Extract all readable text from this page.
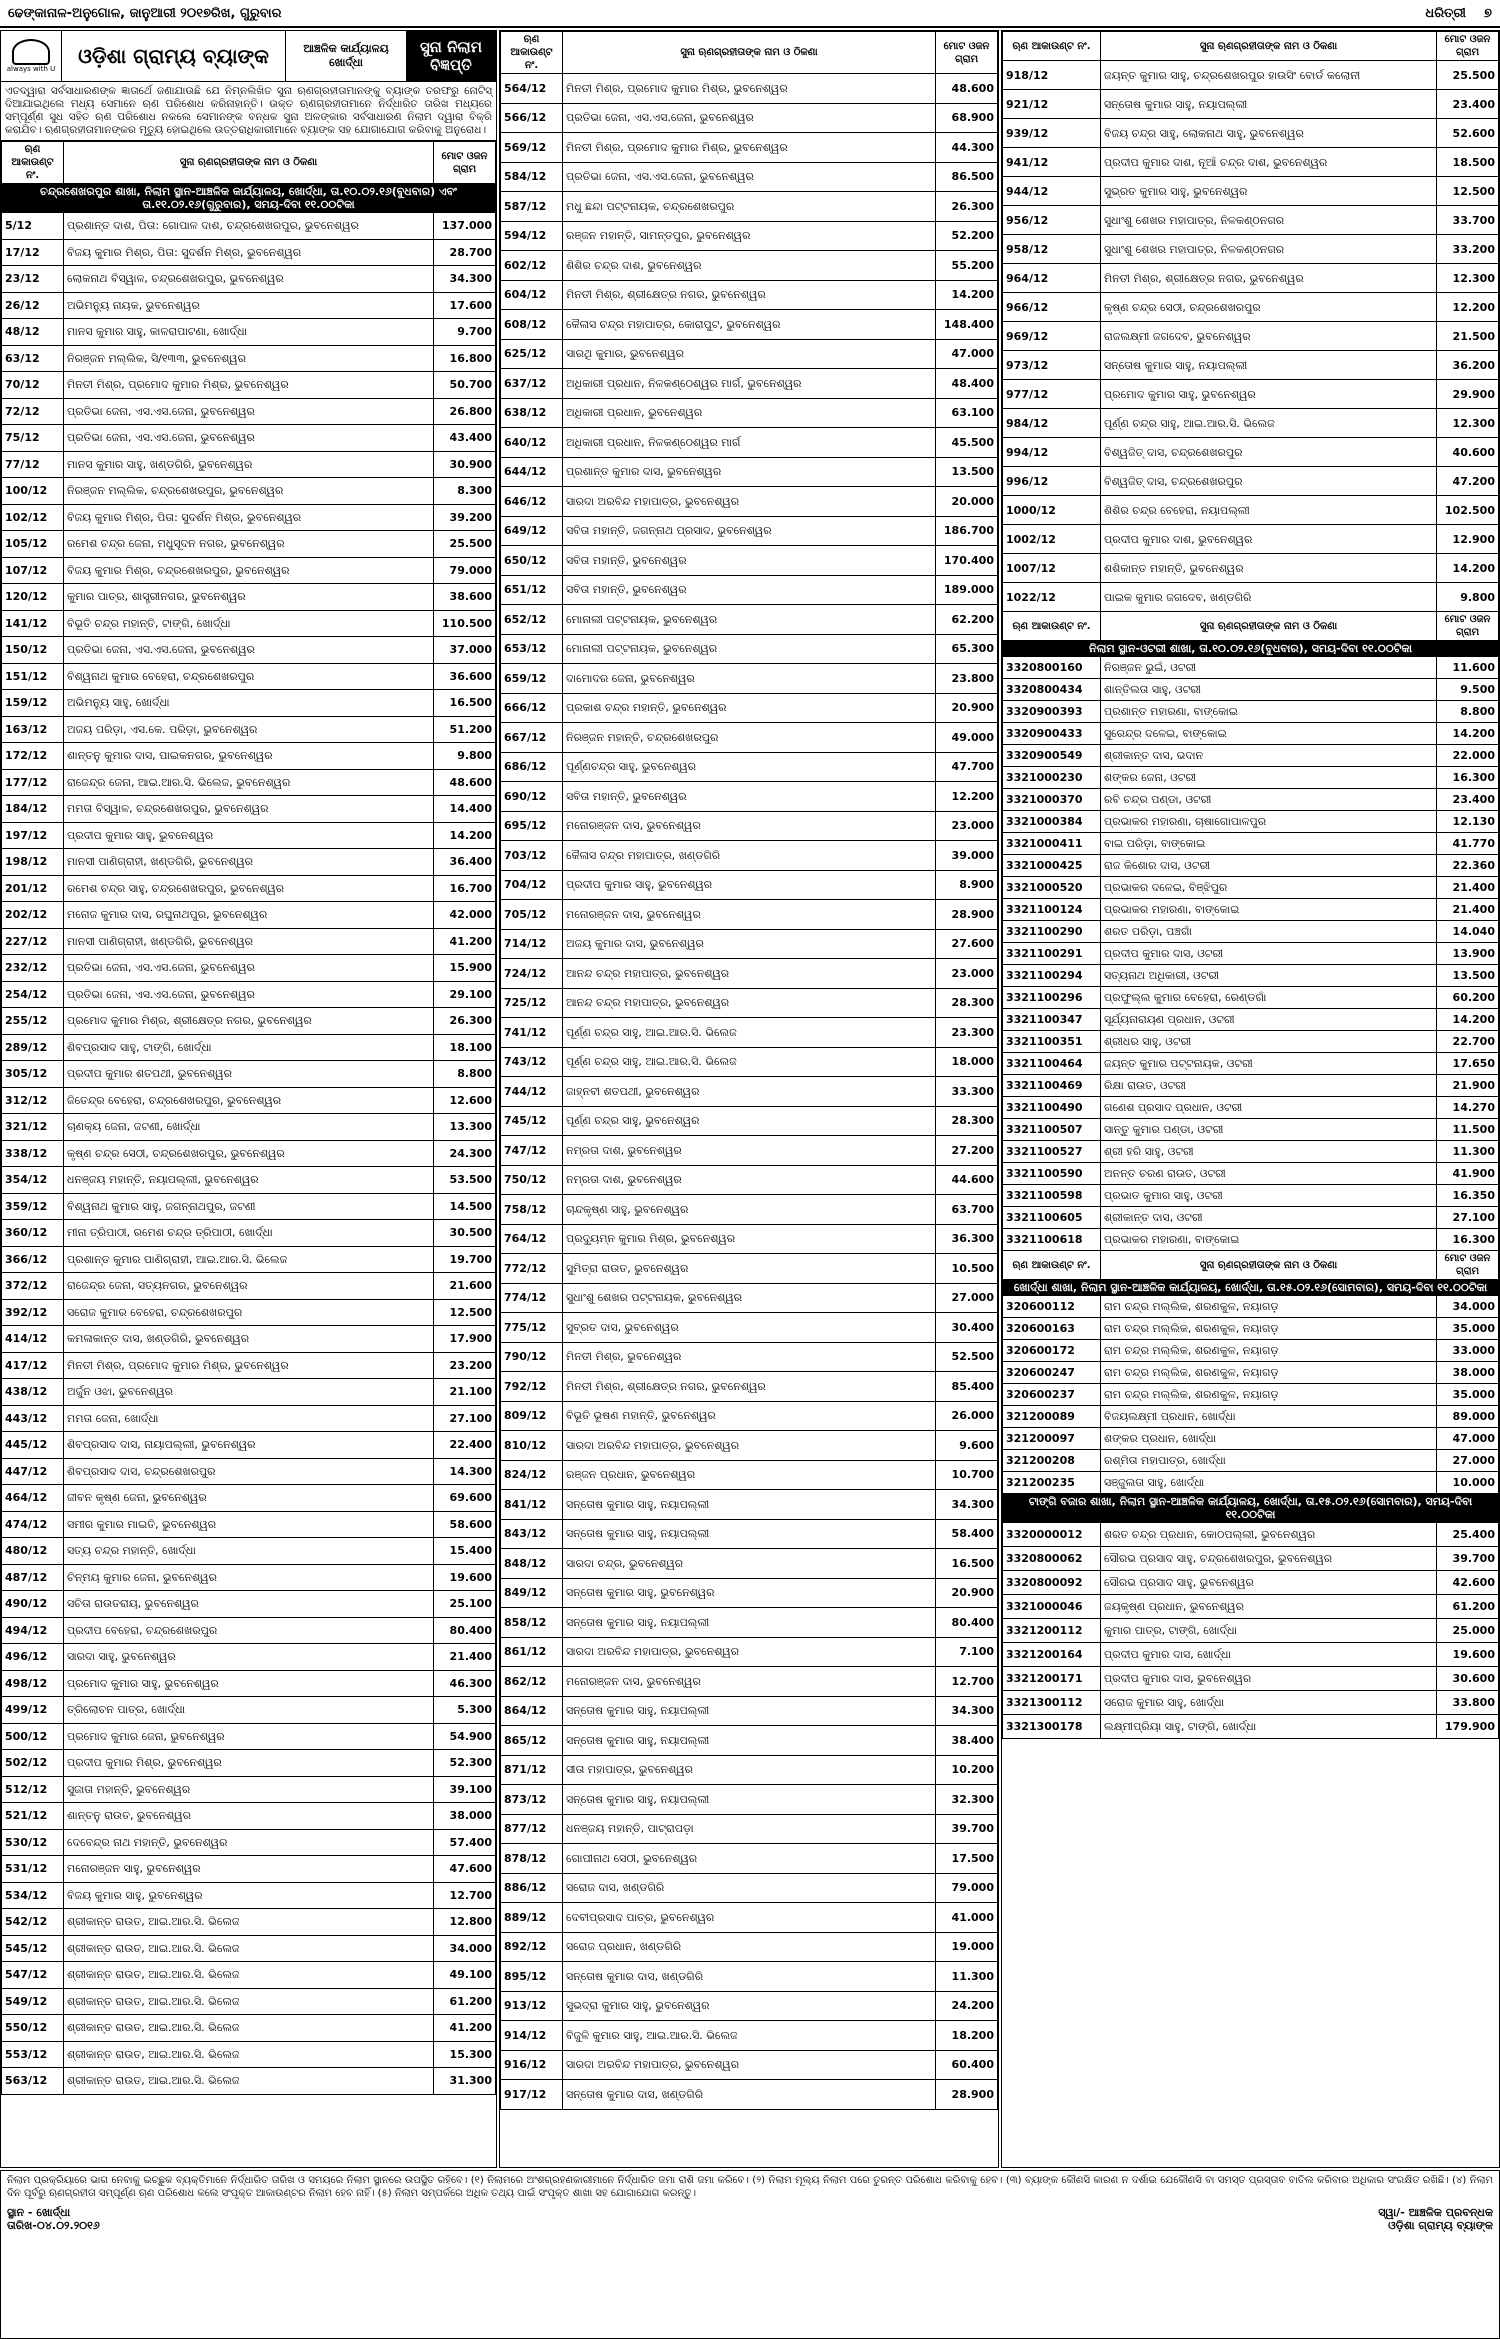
ଢେଙ୍କାନାଳ-ଅନୁଗୋଳ, ଜାନୁଆରୀ ୨୦୧୭ରିଖ, ଗୁରୁବାର	ଧରିତ୍ରୀ ୭
always with U
ଓଡ଼ିଶା ଗ୍ରାମ୍ୟ ବ୍ୟାଙ୍କ	ଆଞ୍ଚଳିକ କାର୍ଯ୍ୟାଳୟ
ଖୋର୍ଦ୍ଧା
ସୁନା ନିଲାମ
ବିଜ୍ଞପ୍ତି
ଏତଦ୍ୱାରା ସର୍ବସାଧାରଣଙ୍କ ଜ୍ଞାତାର୍ଥେ ଜଣାଯାଉଛି ଯେ ନିମ୍ନଲିଖିତ ସୁନା ଋଣଗ୍ରହୀତାମାନଙ୍କୁ ବ୍ୟାଙ୍କ ତରଫରୁ ନୋଟିସ୍ ଦିଆଯାଇଥିଲେ ମଧ୍ୟ ସେମାନେ ଋଣ ପରିଶୋଧ କରିନାହାନ୍ତି। ଉକ୍ତ ଋଣଗ୍ରହୀତାମାନେ ନିର୍ଦ୍ଧାରିତ ତାରିଖ ମଧ୍ୟରେ ସମ୍ପୂର୍ଣ୍ଣ ସୁଧ ସହିତ ଋଣ ପରିଶୋଧ ନକଲେ ସେମାନଙ୍କ ବନ୍ଧକ ସୁନା ଅଳଙ୍କାର ସର୍ବସାଧାରଣ ନିଲାମ ଦ୍ୱାରା ବିକ୍ରି କରାଯିବ। ଋଣଗ୍ରହୀତାମାନଙ୍କର ମୃତ୍ୟୁ ହୋଇଥିଲେ ଉତ୍ତରାଧିକାରୀମାନେ ବ୍ୟାଙ୍କ ସହ ଯୋଗାଯୋଗ କରିବାକୁ ଅନୁରୋଧ।
ଋଣ ଆକାଉଣ୍ଟ ନଂ.	ସୁନା ଋଣଗ୍ରହୀତାଙ୍କ ନାମ ଓ ଠିକଣା	ମୋଟ ଓଜନ ଗ୍ରାମ
ଚନ୍ଦ୍ରଶେଖରପୁର ଶାଖା, ନିଲାମ ସ୍ଥାନ-ଆଞ୍ଚଳିକ କାର୍ଯ୍ୟାଳୟ, ଖୋର୍ଦ୍ଧା, ତା.୧୦.୦୨.୧୬(ବୁଧବାର) ଏବଂ ତା.୧୧.୦୨.୧୬(ଗୁରୁବାର), ସମୟ-ଦିବା ୧୧.୦୦ଟିକା		
5/12	ପ୍ରଶାନ୍ତ ଦାଶ, ପିତା: ଗୋପାଳ ଦାଶ, ଚନ୍ଦ୍ରଶେଖରପୁର, ଭୁବନେଶ୍ୱର	137.000
17/12	ବିଜୟ କୁମାର ମିଶ୍ର, ପିତା: ସୁଦର୍ଶନ ମିଶ୍ର, ଭୁବନେଶ୍ୱର	28.700
23/12	ଲୋକନାଥ ବିସ୍ୱାଳ, ଚନ୍ଦ୍ରଶେଖରପୁର, ଭୁବନେଶ୍ୱର	34.300
26/12	ଅଭିମନ୍ୟୁ ନାୟକ, ଭୁବନେଶ୍ୱର	17.600
48/12	ମାନସ କୁମାର ସାହୁ, କାଳରାପାଟଣା, ଖୋର୍ଦ୍ଧା	9.700
63/12	ନିରଞ୍ଜନ ମଲ୍ଲିକ, ସି/୧୩୩, ଭୁବନେଶ୍ୱର	16.800
70/12	ମିନତୀ ମିଶ୍ର, ପ୍ରମୋଦ କୁମାର ମିଶ୍ର, ଭୁବନେଶ୍ୱର	50.700
72/12	ପ୍ରତିଭା ଜେନା, ଏସ.ଏସ.ଜେନା, ଭୁବନେଶ୍ୱର	26.800
75/12	ପ୍ରତିଭା ଜେନା, ଏସ.ଏସ.ଜେନା, ଭୁବନେଶ୍ୱର	43.400
77/12	ମାନସ କୁମାର ସାହୁ, ଖଣ୍ଡଗିରି, ଭୁବନେଶ୍ୱର	30.900
100/12	ନିରଞ୍ଜନ ମଲ୍ଲିକ, ଚନ୍ଦ୍ରଶେଖରପୁର, ଭୁବନେଶ୍ୱର	8.300
102/12	ବିଜୟ କୁମାର ମିଶ୍ର, ପିତା: ସୁଦର୍ଶନ ମିଶ୍ର, ଭୁବନେଶ୍ୱର	39.200
105/12	ରମେଶ ଚନ୍ଦ୍ର ଜେନା, ମଧୁସୂଦନ ନଗର, ଭୁବନେଶ୍ୱର	25.500
107/12	ବିଜୟ କୁମାର ମିଶ୍ର, ଚନ୍ଦ୍ରଶେଖରପୁର, ଭୁବନେଶ୍ୱର	79.000
120/12	କୁମାର ପାତ୍ର, ଶାସ୍ତ୍ରୀନଗର, ଭୁବନେଶ୍ୱର	38.600
141/12	ବିଭୂତି ଚନ୍ଦ୍ର ମହାନ୍ତି, ଟାଙ୍ଗି, ଖୋର୍ଦ୍ଧା	110.500
150/12	ପ୍ରତିଭା ଜେନା, ଏସ.ଏସ.ଜେନା, ଭୁବନେଶ୍ୱର	37.000
151/12	ବିଶ୍ୱନାଥ କୁମାର ବେହେରା, ଚନ୍ଦ୍ରଶେଖରପୁର	36.600
159/12	ଅଭିମନ୍ୟୁ ସାହୁ, ଖୋର୍ଦ୍ଧା	16.500
163/12	ଅଜୟ ପରିଡ଼ା, ଏସ.କେ. ପରିଡ଼ା, ଭୁବନେଶ୍ୱର	51.200
172/12	ଶାନ୍ତନୁ କୁମାର ଦାସ, ପାଇକନଗର, ଭୁବନେଶ୍ୱର	9.800
177/12	ରାଜେନ୍ଦ୍ର ଜେନା, ଆଇ.ଆର.ସି. ଭିଲେଜ, ଭୁବନେଶ୍ୱର	48.600
184/12	ମମତା ବିସ୍ୱାଳ, ଚନ୍ଦ୍ରଶେଖରପୁର, ଭୁବନେଶ୍ୱର	14.400
197/12	ପ୍ରଦୀପ କୁମାର ସାହୁ, ଭୁବନେଶ୍ୱର	14.200
198/12	ମାନସୀ ପାଣିଗ୍ରାହୀ, ଖଣ୍ଡଗିରି, ଭୁବନେଶ୍ୱର	36.400
201/12	ରମେଶ ଚନ୍ଦ୍ର ସାହୁ, ଚନ୍ଦ୍ରଶେଖରପୁର, ଭୁବନେଶ୍ୱର	16.700
202/12	ମନୋଜ କୁମାର ଦାସ, ରଘୁନାଥପୁର, ଭୁବନେଶ୍ୱର	42.000
227/12	ମାନସୀ ପାଣିଗ୍ରାହୀ, ଖଣ୍ଡଗିରି, ଭୁବନେଶ୍ୱର	41.200
232/12	ପ୍ରତିଭା ଜେନା, ଏସ.ଏସ.ଜେନା, ଭୁବନେଶ୍ୱର	15.900
254/12	ପ୍ରତିଭା ଜେନା, ଏସ.ଏସ.ଜେନା, ଭୁବନେଶ୍ୱର	29.100
255/12	ପ୍ରମୋଦ କୁମାର ମିଶ୍ର, ଶ୍ରୀକ୍ଷେତ୍ର ନଗର, ଭୁବନେଶ୍ୱର	26.300
289/12	ଶିବପ୍ରସାଦ ସାହୁ, ଟାଙ୍ଗି, ଖୋର୍ଦ୍ଧା	18.100
305/12	ପ୍ରଦୀପ କୁମାର ଶତପଥୀ, ଭୁବନେଶ୍ୱର	8.800
312/12	ଜିତେନ୍ଦ୍ର ବେହେରା, ଚନ୍ଦ୍ରଶେଖରପୁର, ଭୁବନେଶ୍ୱର	12.600
321/12	ଚାଣକ୍ୟ ଜେନା, ଜଟଣୀ, ଖୋର୍ଦ୍ଧା	13.300
338/12	କୃଷ୍ଣ ଚନ୍ଦ୍ର ସେଠୀ, ଚନ୍ଦ୍ରଶେଖରପୁର, ଭୁବନେଶ୍ୱର	24.300
354/12	ଧନଞ୍ଜୟ ମହାନ୍ତି, ନୟାପଲ୍ଲୀ, ଭୁବନେଶ୍ୱର	53.500
359/12	ବିଶ୍ୱନାଥ କୁମାର ସାହୁ, ଜଗନ୍ନାଥପୁର, ଜଟଣୀ	14.500
360/12	ମୀନା ତ୍ରିପାଠୀ, ରମେଶ ଚନ୍ଦ୍ର ତ୍ରିପାଠୀ, ଖୋର୍ଦ୍ଧା	30.500
366/12	ପ୍ରଶାନ୍ତ କୁମାର ପାଣିଗ୍ରାହୀ, ଆଇ.ଆର.ସି. ଭିଲେଜ	19.700
372/12	ରାଜେନ୍ଦ୍ର ଜେନା, ସତ୍ୟନଗର, ଭୁବନେଶ୍ୱର	21.600
392/12	ସରୋଜ କୁମାର ବେହେରା, ଚନ୍ଦ୍ରଶେଖରପୁର	12.500
414/12	କମଳାକାନ୍ତ ଦାସ, ଖଣ୍ଡଗିରି, ଭୁବନେଶ୍ୱର	17.900
417/12	ମିନତୀ ମିଶ୍ର, ପ୍ରମୋଦ କୁମାର ମିଶ୍ର, ଭୁବନେଶ୍ୱର	23.200
438/12	ଅର୍ଜୁନ ଓଝା, ଭୁବନେଶ୍ୱର	21.100
443/12	ମମତା ଜେନା, ଖୋର୍ଦ୍ଧା	27.100
445/12	ଶିବପ୍ରସାଦ ଦାସ, ନାୟାପଲ୍ଲୀ, ଭୁବନେଶ୍ୱର	22.400
447/12	ଶିବପ୍ରସାଦ ଦାସ, ଚନ୍ଦ୍ରଶେଖରପୁର	14.300
464/12	ଜୀବନ କୃଷ୍ଣ ଜେନା, ଭୁବନେଶ୍ୱର	69.600
474/12	ସମୀର କୁମାର ମାଇତି, ଭୁବନେଶ୍ୱର	58.600
480/12	ସତ୍ୟ ଚନ୍ଦ୍ର ମହାନ୍ତି, ଖୋର୍ଦ୍ଧା	15.400
487/12	ଚିନ୍ମୟ କୁମାର ଜେନା, ଭୁବନେଶ୍ୱର	19.600
490/12	ସଚିତା ରାଉତରାୟ, ଭୁବନେଶ୍ୱର	25.100
494/12	ପ୍ରଦୀପ ବେହେରା, ଚନ୍ଦ୍ରଶେଖରପୁର	80.400
496/12	ସାରଦା ସାହୁ, ଭୁବନେଶ୍ୱର	21.400
498/12	ପ୍ରମୋଦ କୁମାର ସାହୁ, ଭୁବନେଶ୍ୱର	46.300
499/12	ତ୍ରିଲୋଚନ ପାତ୍ର, ଖୋର୍ଦ୍ଧା	5.300
500/12	ପ୍ରମୋଦ କୁମାର ଜେନା, ଭୁବନେଶ୍ୱର	54.900
502/12	ପ୍ରଦୀପ କୁମାର ମିଶ୍ର, ଭୁବନେଶ୍ୱର	52.300
512/12	ସୁଜାତା ମହାନ୍ତି, ଭୁବନେଶ୍ୱର	39.100
521/12	ଶାନ୍ତନୁ ରାଉତ, ଭୁବନେଶ୍ୱର	38.000
530/12	ଦେବେନ୍ଦ୍ର ନାଥ ମହାନ୍ତି, ଭୁବନେଶ୍ୱର	57.400
531/12	ମନୋରଞ୍ଜନ ସାହୁ, ଭୁବନେଶ୍ୱର	47.600
534/12	ବିଜୟ କୁମାର ସାହୁ, ଭୁବନେଶ୍ୱର	12.700
542/12	ଶ୍ରୀକାନ୍ତ ରାଉତ, ଆଇ.ଆର.ସି. ଭିଲେଜ	12.800
545/12	ଶ୍ରୀକାନ୍ତ ରାଉତ, ଆଇ.ଆର.ସି. ଭିଲେଜ	34.000
547/12	ଶ୍ରୀକାନ୍ତ ରାଉତ, ଆଇ.ଆର.ସି. ଭିଲେଜ	49.100
549/12	ଶ୍ରୀକାନ୍ତ ରାଉତ, ଆଇ.ଆର.ସି. ଭିଲେଜ	61.200
550/12	ଶ୍ରୀକାନ୍ତ ରାଉତ, ଆଇ.ଆର.ସି. ଭିଲେଜ	41.200
553/12	ଶ୍ରୀକାନ୍ତ ରାଉତ, ଆଇ.ଆର.ସି. ଭିଲେଜ	15.300
563/12	ଶ୍ରୀକାନ୍ତ ରାଉତ, ଆଇ.ଆର.ସି. ଭିଲେଜ	31.300
ଋଣ ଆକାଉଣ୍ଟ ନଂ.	ସୁନା ଋଣଗ୍ରହୀତାଙ୍କ ନାମ ଓ ଠିକଣା	ମୋଟ ଓଜନ ଗ୍ରାମ
564/12	ମିନତୀ ମିଶ୍ର, ପ୍ରମୋଦ କୁମାର ମିଶ୍ର, ଭୁବନେଶ୍ୱର	48.600
566/12	ପ୍ରତିଭା ଜେନା, ଏସ.ଏସ.ଜେନା, ଭୁବନେଶ୍ୱର	68.900
569/12	ମିନତୀ ମିଶ୍ର, ପ୍ରମୋଦ କୁମାର ମିଶ୍ର, ଭୁବନେଶ୍ୱର	44.300
584/12	ପ୍ରତିଭା ଜେନା, ଏସ.ଏସ.ଜେନା, ଭୁବନେଶ୍ୱର	86.500
587/12	ମଧୁ ଛନ୍ଦା ପଟ୍ଟନାୟକ, ଚନ୍ଦ୍ରଶେଖରପୁର	26.300
594/12	ରଞ୍ଜନ ମହାନ୍ତି, ସାମନ୍ତପୁର, ଭୁବନେଶ୍ୱର	52.200
602/12	ଶିଶିର ଚନ୍ଦ୍ର ଦାଶ, ଭୁବନେଶ୍ୱର	55.200
604/12	ମିନତୀ ମିଶ୍ର, ଶ୍ରୀକ୍ଷେତ୍ର ନଗର, ଭୁବନେଶ୍ୱର	14.200
608/12	କୈଳାସ ଚନ୍ଦ୍ର ମହାପାତ୍ର, କୋରାପୁଟ, ଭୁବନେଶ୍ୱର	148.400
625/12	ସାରଥି କୁମାର, ଭୁବନେଶ୍ୱର	47.000
637/12	ଅଧିକାରୀ ପ୍ରଧାନ, ନିଳକଣ୍ଠେଶ୍ୱର ମାର୍ଗ, ଭୁବନେଶ୍ୱର	48.400
638/12	ଅଧିକାରୀ ପ୍ରଧାନ, ଭୁବନେଶ୍ୱର	63.100
640/12	ଅଧିକାରୀ ପ୍ରଧାନ, ନିଳକଣ୍ଠେଶ୍ୱର ମାର୍ଗ	45.500
644/12	ପ୍ରଶାନ୍ତ କୁମାର ଦାସ, ଭୁବନେଶ୍ୱର	13.500
646/12	ସାରଦା ଅରବିନ୍ଦ ମହାପାତ୍ର, ଭୁବନେଶ୍ୱର	20.000
649/12	ସବିତା ମହାନ୍ତି, ଜଗନ୍ନାଥ ପ୍ରସାଦ, ଭୁବନେଶ୍ୱର	186.700
650/12	ସବିତା ମହାନ୍ତି, ଭୁବନେଶ୍ୱର	170.400
651/12	ସବିତା ମହାନ୍ତି, ଭୁବନେଶ୍ୱର	189.000
652/12	ମୋନାଲୀ ପଟ୍ଟନାୟକ, ଭୁବନେଶ୍ୱର	62.200
653/12	ମୋନାଲୀ ପଟ୍ଟନାୟକ, ଭୁବନେଶ୍ୱର	65.300
659/12	ଦାମୋଦର ଜେନା, ଭୁବନେଶ୍ୱର	23.800
666/12	ପ୍ରକାଶ ଚନ୍ଦ୍ର ମହାନ୍ତି, ଭୁବନେଶ୍ୱର	20.900
667/12	ନିରଞ୍ଜନ ମହାନ୍ତି, ଚନ୍ଦ୍ରଶେଖରପୁର	49.000
686/12	ପୂର୍ଣ୍ଣଚନ୍ଦ୍ର ସାହୁ, ଭୁବନେଶ୍ୱର	47.700
690/12	ସବିତା ମହାନ୍ତି, ଭୁବନେଶ୍ୱର	12.200
695/12	ମନୋରଞ୍ଜନ ଦାସ, ଭୁବନେଶ୍ୱର	23.000
703/12	କୈଳାସ ଚନ୍ଦ୍ର ମହାପାତ୍ର, ଖଣ୍ଡଗିରି	39.000
704/12	ପ୍ରଦୀପ କୁମାର ସାହୁ, ଭୁବନେଶ୍ୱର	8.900
705/12	ମନୋରଞ୍ଜନ ଦାସ, ଭୁବନେଶ୍ୱର	28.900
714/12	ଅଜୟ କୁମାର ଦାସ, ଭୁବନେଶ୍ୱର	27.600
724/12	ଆନନ୍ଦ ଚନ୍ଦ୍ର ମହାପାତ୍ର, ଭୁବନେଶ୍ୱର	23.000
725/12	ଆନନ୍ଦ ଚନ୍ଦ୍ର ମହାପାତ୍ର, ଭୁବନେଶ୍ୱର	28.300
741/12	ପୂର୍ଣ୍ଣ ଚନ୍ଦ୍ର ସାହୁ, ଆଇ.ଆର.ସି. ଭିଲେଜ	23.300
743/12	ପୂର୍ଣ୍ଣ ଚନ୍ଦ୍ର ସାହୁ, ଆଇ.ଆର.ସି. ଭିଲେଜ	18.000
744/12	ଜାହ୍ନବୀ ଶତପଥୀ, ଭୁବନେଶ୍ୱର	33.300
745/12	ପୂର୍ଣ୍ଣ ଚନ୍ଦ୍ର ସାହୁ, ଭୁବନେଶ୍ୱର	28.300
747/12	ନମ୍ରତା ଦାଶ, ଭୁବନେଶ୍ୱର	27.200
750/12	ନମ୍ରତା ଦାଶ, ଭୁବନେଶ୍ୱର	44.600
758/12	ଚାନ୍ଦକୃଷ୍ଣ ସାହୁ, ଭୁବନେଶ୍ୱର	63.700
764/12	ପ୍ରଦ୍ୟୁମ୍ନ କୁମାର ମିଶ୍ର, ଭୁବନେଶ୍ୱର	36.300
772/12	ସୁମିତ୍ରା ରାଉତ, ଭୁବନେଶ୍ୱର	10.500
774/12	ସୁଧାଂଶୁ ଶେଖର ପଟ୍ଟନାୟକ, ଭୁବନେଶ୍ୱର	27.000
775/12	ସୁବ୍ରତ ଦାସ, ଭୁବନେଶ୍ୱର	30.400
790/12	ମିନତୀ ମିଶ୍ର, ଭୁବନେଶ୍ୱର	52.500
792/12	ମିନତୀ ମିଶ୍ର, ଶ୍ରୀକ୍ଷେତ୍ର ନଗର, ଭୁବନେଶ୍ୱର	85.400
809/12	ବିଭୂତି ଭୂଷଣ ମହାନ୍ତି, ଭୁବନେଶ୍ୱର	26.000
810/12	ସାରଦା ଅରବିନ୍ଦ ମହାପାତ୍ର, ଭୁବନେଶ୍ୱର	9.600
824/12	ରଞ୍ଜନ ପ୍ରଧାନ, ଭୁବନେଶ୍ୱର	10.700
841/12	ସନ୍ତୋଷ କୁମାର ସାହୁ, ନୟାପଲ୍ଲୀ	34.300
843/12	ସନ୍ତୋଷ କୁମାର ସାହୁ, ନୟାପଲ୍ଲୀ	58.400
848/12	ସାରଦା ଚନ୍ଦ୍ର, ଭୁବନେଶ୍ୱର	16.500
849/12	ସନ୍ତୋଷ କୁମାର ସାହୁ, ଭୁବନେଶ୍ୱର	20.900
858/12	ସନ୍ତୋଷ କୁମାର ସାହୁ, ନୟାପଲ୍ଲୀ	80.400
861/12	ସାରଦା ଅରବିନ୍ଦ ମହାପାତ୍ର, ଭୁବନେଶ୍ୱର	7.100
862/12	ମନୋରଞ୍ଜନ ଦାସ, ଭୁବନେଶ୍ୱର	12.700
864/12	ସନ୍ତୋଷ କୁମାର ସାହୁ, ନୟାପଲ୍ଲୀ	34.300
865/12	ସନ୍ତୋଷ କୁମାର ସାହୁ, ନୟାପଲ୍ଲୀ	38.400
871/12	ସୀତା ମହାପାତ୍ର, ଭୁବନେଶ୍ୱର	10.200
873/12	ସନ୍ତୋଷ କୁମାର ସାହୁ, ନୟାପଲ୍ଲୀ	32.300
877/12	ଧନଞ୍ଜୟ ମହାନ୍ତି, ପାଟ୍ରାପଡ଼ା	39.700
878/12	ଗୋପୀନାଥ ସେଠୀ, ଭୁବନେଶ୍ୱର	17.500
886/12	ସରୋଜ ଦାସ, ଖଣ୍ଡଗିରି	79.000
889/12	ଦେବୀପ୍ରସାଦ ପାତ୍ର, ଭୁବନେଶ୍ୱର	41.000
892/12	ସରୋଜ ପ୍ରଧାନ, ଖଣ୍ଡଗିରି	19.000
895/12	ସନ୍ତୋଷ କୁମାର ଦାସ, ଖଣ୍ଡଗିରି	11.300
913/12	ସୁଭଦ୍ରା କୁମାର ସାହୁ, ଭୁବନେଶ୍ୱର	24.200
914/12	ବିଜୁଳି କୁମାର ସାହୁ, ଆଇ.ଆର.ସି. ଭିଲେଜ	18.200
916/12	ସାରଦା ଅରବିନ୍ଦ ମହାପାତ୍ର, ଭୁବନେଶ୍ୱର	60.400
917/12	ସନ୍ତୋଷ କୁମାର ଦାସ, ଖଣ୍ଡଗିରି	28.900
ଋଣ ଆକାଉଣ୍ଟ ନଂ.	ସୁନା ଋଣଗ୍ରହୀତାଙ୍କ ନାମ ଓ ଠିକଣା	ମୋଟ ଓଜନ ଗ୍ରାମ
918/12	ଜୟନ୍ତ କୁମାର ସାହୁ, ଚନ୍ଦ୍ରଶେଖରପୁର ହାଉସିଂ ବୋର୍ଡ କଲୋନୀ	25.500
921/12	ସନ୍ତୋଷ କୁମାର ସାହୁ, ନୟାପଲ୍ଲୀ	23.400
939/12	ବିଜୟ ଚନ୍ଦ୍ର ସାହୁ, ଲୋକନାଥ ସାହୁ, ଭୁବନେଶ୍ୱର	52.600
941/12	ପ୍ରଦୀପ କୁମାର ଦାଶ, ନୂଆଁ ଚନ୍ଦ୍ର ଦାଶ, ଭୁବନେଶ୍ୱର	18.500
944/12	ସୁଭ୍ରତ କୁମାର ସାହୁ, ଭୁବନେଶ୍ୱର	12.500
956/12	ସୁଧାଂଶୁ ଶେଖର ମହାପାତ୍ର, ନିଳକଣ୍ଠନଗର	33.700
958/12	ସୁଧାଂଶୁ ଶେଖର ମହାପାତ୍ର, ନିଳକଣ୍ଠନଗର	33.200
964/12	ମିନତୀ ମିଶ୍ର, ଶ୍ରୀକ୍ଷେତ୍ର ନଗର, ଭୁବନେଶ୍ୱର	12.300
966/12	କୃଷ୍ଣ ଚନ୍ଦ୍ର ସେଠୀ, ଚନ୍ଦ୍ରଶେଖରପୁର	12.200
969/12	ରାଜଲକ୍ଷ୍ମୀ ଜଗଦେବ, ଭୁବନେଶ୍ୱର	21.500
973/12	ସନ୍ତୋଷ କୁମାର ସାହୁ, ନୟାପଲ୍ଲୀ	36.200
977/12	ପ୍ରମୋଦ କୁମାର ସାହୁ, ଭୁବନେଶ୍ୱର	29.900
984/12	ପୂର୍ଣ୍ଣ ଚନ୍ଦ୍ର ସାହୁ, ଆଇ.ଆର.ସି. ଭିଲେଜ	12.300
994/12	ବିଶ୍ୱଜିତ୍ ଦାସ, ଚନ୍ଦ୍ରଶେଖରପୁର	40.600
996/12	ବିଶ୍ୱଜିତ୍ ଦାସ, ଚନ୍ଦ୍ରଶେଖରପୁର	47.200
1000/12	ଶିଶିର ଚନ୍ଦ୍ର ବେହେରା, ନୟାପଲ୍ଲୀ	102.500
1002/12	ପ୍ରଦୀପ କୁମାର ଦାଶ, ଭୁବନେଶ୍ୱର	12.900
1007/12	ଶଶିକାନ୍ତ ମହାନ୍ତି, ଭୁବନେଶ୍ୱର	14.200
1022/12	ପାଇକ କୁମାର ଜଗଦେବ, ଖଣ୍ଡଗିରି	9.800
ଋଣ ଆକାଉଣ୍ଟ ନଂ.	ସୁନା ଋଣଗ୍ରହୀତାଙ୍କ ନାମ ଓ ଠିକଣା	ମୋଟ ଓଜନ ଗ୍ରାମ
ନିଲାମ ସ୍ଥାନ-ଓଟରୀ ଶାଖା, ତା.୧୦.୦୨.୧୬(ବୁଧବାର), ସମୟ-ଦିବା ୧୧.୦୦ଟିକା		
3320800160	ନିରଞ୍ଜନ ଭୁଇଁ, ଓଟରୀ	11.600
3320800434	ଶାନ୍ତିଲତା ସାହୁ, ଓଟରୀ	9.500
3320900393	ପ୍ରଶାନ୍ତ ମହାରଣା, ବାଙ୍କୋଇ	8.800
3320900433	ସୁରେନ୍ଦ୍ର ଦଳେଇ, ବାଙ୍କୋଇ	14.200
3320900549	ଶ୍ରୀକାନ୍ତ ଦାସ, ଭଦାନ	22.000
3321000230	ଶଙ୍କର ଜେନା, ଓଟରୀ	16.300
3321000370	ରବି ଚନ୍ଦ୍ର ପଣ୍ଡା, ଓଟରୀ	23.400
3321000384	ପ୍ରଭାକର ମହାରଣା, ଚାଷାଗୋପାଳପୁର	12.130
3321000411	ବାଇ ପରିଡ଼ା, ବାଙ୍କୋଇ	41.770
3321000425	ରାଜ କିଶୋର ଦାସ, ଓଟରୀ	22.360
3321000520	ପ୍ରଭାକର ଦଳେଇ, ବିଞ୍ଝିପୁର	21.400
3321100124	ପ୍ରଭାକର ମହାରଣା, ବାଙ୍କୋଇ	21.400
3321100290	ଶରତ ପରିଡ଼ା, ପଞ୍ଚଗାଁ	14.040
3321100291	ପ୍ରଦୀପ କୁମାର ଦାସ, ଓଟରୀ	13.900
3321100294	ସତ୍ୟନାଥ ଅଧିକାରୀ, ଓଟରୀ	13.500
3321100296	ପ୍ରଫୁଲ୍ଲ କୁମାର ବେହେରା, ରେଣ୍ଡଗାଁ	60.200
3321100347	ସୂର୍ଯ୍ୟନାରାୟଣ ପ୍ରଧାନ, ଓଟରୀ	14.200
3321100351	ଶ୍ରୀଧର ସାହୁ, ଓଟରୀ	22.700
3321100464	ଜୟନ୍ତ କୁମାର ପଟ୍ଟନାୟକ, ଓଟରୀ	17.650
3321100469	ରିକ୍ଷା ରାଉତ, ଓଟରୀ	21.900
3321100490	ଗଣେଶ ପ୍ରସାଦ ପ୍ରଧାନ, ଓଟରୀ	14.270
3321100507	ସାନ୍ତୁ କୁମାର ପଣ୍ଡା, ଓଟରୀ	11.500
3321100527	ଶ୍ରୀ ହରି ସାହୁ, ଓଟରୀ	11.300
3321100590	ଅନନ୍ତ ଚରଣ ରାଉତ, ଓଟରୀ	41.900
3321100598	ପ୍ରଭାତ କୁମାର ସାହୁ, ଓଟରୀ	16.350
3321100605	ଶ୍ରୀକାନ୍ତ ଦାସ, ଓଟରୀ	27.100
3321100618	ପ୍ରଭାକର ମହାରଣା, ବାଙ୍କୋଇ	16.300
ଋଣ ଆକାଉଣ୍ଟ ନଂ.	ସୁନା ଋଣଗ୍ରହୀତାଙ୍କ ନାମ ଓ ଠିକଣା	ମୋଟ ଓଜନ ଗ୍ରାମ
ଖୋର୍ଦ୍ଧା ଶାଖା, ନିଲାମ ସ୍ଥାନ-ଆଞ୍ଚଳିକ କାର୍ଯ୍ୟାଳୟ, ଖୋର୍ଦ୍ଧା, ତା.୧୫.୦୨.୧୬(ସୋମବାର), ସମୟ-ଦିବା ୧୧.୦୦ଟିକା		
320600112	ରାମ ଚନ୍ଦ୍ର ମଲ୍ଲିକ, ଶରଣକୁଳ, ନୟାଗଡ଼	34.000
320600163	ରାମ ଚନ୍ଦ୍ର ମଲ୍ଲିକ, ଶରଣକୁଳ, ନୟାଗଡ଼	35.000
320600172	ରାମ ଚନ୍ଦ୍ର ମଲ୍ଲିକ, ଶରଣକୁଳ, ନୟାଗଡ଼	33.000
320600247	ରାମ ଚନ୍ଦ୍ର ମଲ୍ଲିକ, ଶରଣକୁଳ, ନୟାଗଡ଼	38.000
320600237	ରାମ ଚନ୍ଦ୍ର ମଲ୍ଲିକ, ଶରଣକୁଳ, ନୟାଗଡ଼	35.000
321200089	ବିଜୟଲକ୍ଷ୍ମୀ ପ୍ରଧାନ, ଖୋର୍ଦ୍ଧା	89.000
321200097	ଶଙ୍କର ପ୍ରଧାନ, ଖୋର୍ଦ୍ଧା	47.000
321200208	ରଶ୍ମିତା ମହାପାତ୍ର, ଖୋର୍ଦ୍ଧା	27.000
321200235	ସଞ୍ଜୁଲତା ସାହୁ, ଖୋର୍ଦ୍ଧା	10.000
ଟାଙ୍ଗି ବଜାର ଶାଖା, ନିଲାମ ସ୍ଥାନ-ଆଞ୍ଚଳିକ କାର୍ଯ୍ୟାଳୟ, ଖୋର୍ଦ୍ଧା, ତା.୧୫.୦୨.୧୬(ସୋମବାର), ସମୟ-ଦିବା ୧୧.୦୦ଟିକା		
3320000012	ଶରତ ଚନ୍ଦ୍ର ପ୍ରଧାନ, କୋଠପଲ୍ଲୀ, ଭୁବନେଶ୍ୱର	25.400
3320800062	ସୌରଭ ପ୍ରସାଦ ସାହୁ, ଚନ୍ଦ୍ରଶେଖରପୁର, ଭୁବନେଶ୍ୱର	39.700
3320800092	ସୌରଭ ପ୍ରସାଦ ସାହୁ, ଭୁବନେଶ୍ୱର	42.600
3321000046	ଜୟକୃଷ୍ଣ ପ୍ରଧାନ, ଭୁବନେଶ୍ୱର	61.200
3321200112	କୁମାର ପାତ୍ର, ଟାଙ୍ଗି, ଖୋର୍ଦ୍ଧା	25.000
3321200164	ପ୍ରଦୀପ କୁମାର ଦାସ, ଖୋର୍ଦ୍ଧା	19.600
3321200171	ପ୍ରଦୀପ କୁମାର ଦାସ, ଭୁବନେଶ୍ୱର	30.600
3321300112	ସରୋଜ କୁମାର ସାହୁ, ଖୋର୍ଦ୍ଧା	33.800
3321300178	ଲକ୍ଷ୍ମୀପ୍ରିୟା ସାହୁ, ଟାଙ୍ଗି, ଖୋର୍ଦ୍ଧା	179.900
ନିଲାମ ପ୍ରକ୍ରିୟାରେ ଭାଗ ନେବାକୁ ଇଚ୍ଛୁକ ବ୍ୟକ୍ତିମାନେ ନିର୍ଦ୍ଧାରିତ ତାରିଖ ଓ ସମୟରେ ନିଲାମ ସ୍ଥାନରେ ଉପସ୍ଥିତ ରହିବେ। (୧) ନିଲାମରେ ଅଂଶଗ୍ରହଣକାରୀମାନେ ନିର୍ଦ୍ଧାରିତ ଜମା ରାଶି ଜମା କରିବେ। (୨) ନିଲାମ ମୂଲ୍ୟ ନିଲାମ ପରେ ତୁରନ୍ତ ପରିଶୋଧ କରିବାକୁ ହେବ। (୩) ବ୍ୟାଙ୍କ କୌଣସି କାରଣ ନ ଦର୍ଶାଇ ଯେକୌଣସି ବା ସମସ୍ତ ପ୍ରସ୍ତାବ ବାତିଲ କରିବାର ଅଧିକାର ସଂରକ୍ଷିତ ରଖିଛି। (୪) ନିଲାମ ଦିନ ପୂର୍ବରୁ ଋଣଗ୍ରହୀତା ସମ୍ପୂର୍ଣ୍ଣ ଋଣ ପରିଶୋଧ କଲେ ସଂପୃକ୍ତ ଆକାଉଣ୍ଟର ନିଲାମ ହେବ ନାହିଁ। (୫) ନିଲାମ ସମ୍ପର୍କରେ ଅଧିକ ତଥ୍ୟ ପାଇଁ ସଂପୃକ୍ତ ଶାଖା ସହ ଯୋଗାଯୋଗ କରନ୍ତୁ।
ସ୍ଥାନ - ଖୋର୍ଦ୍ଧା
ତାରିଖ-୦୪.୦୨.୨୦୧୬
ସ୍ୱା/- ଆଞ୍ଚଳିକ ପ୍ରବନ୍ଧକ
ଓଡ଼ିଶା ଗ୍ରାମ୍ୟ ବ୍ୟାଙ୍କ
